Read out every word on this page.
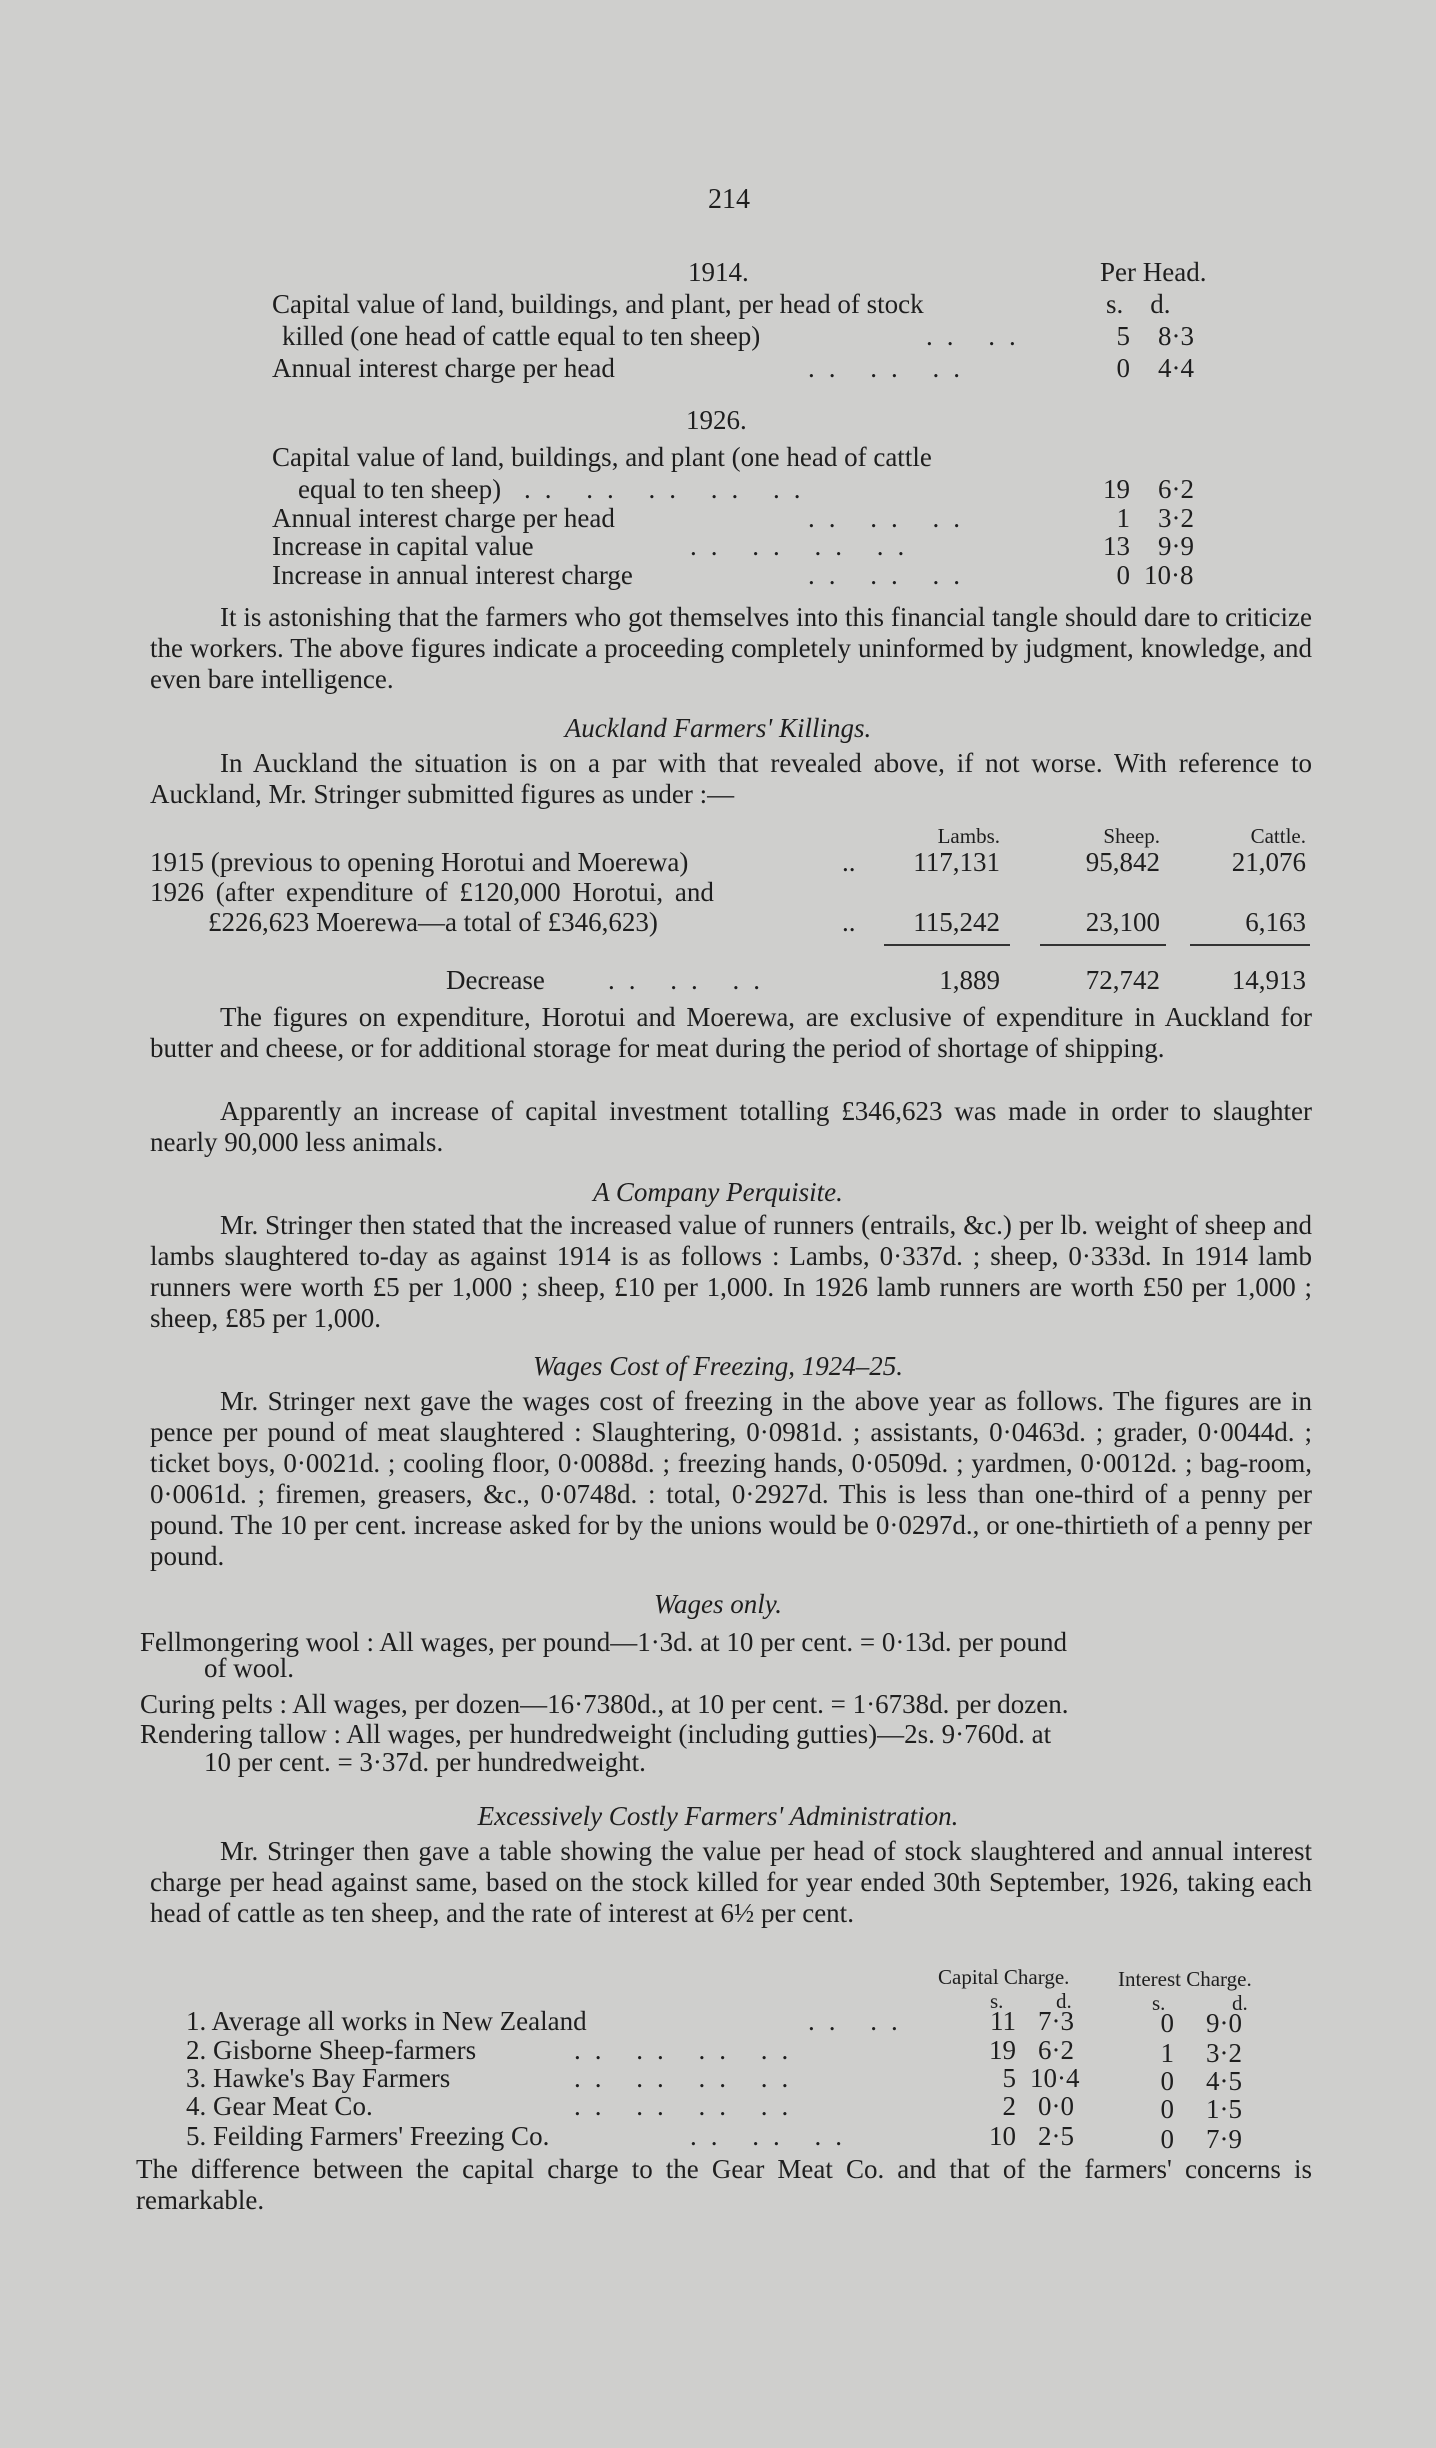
214
1914.	Per Head.
Capital value of land, buildings, and plant, per head of stock	s.    d.
killed (one head of cattle equal to ten sheep)	.. ..	5 8·3
Annual interest charge per head	.. .. ..	0 4·4
1926.
Capital value of land, buildings, and plant (one head of cattle
equal to ten sheep) .. .. .. .. ..	19 6·2
Annual interest charge per head	.. .. ..	1 3·2
Increase in capital value	.. .. .. ..	13 9·9
Increase in annual interest charge	.. .. ..	0 10·8
It is astonishing that the farmers who got themselves into this financial tangle should dare to criticize the workers. The above figures indicate a proceeding completely uninformed by judgment, knowledge, and even bare intelligence.
Auckland Farmers' Killings.
In Auckland the situation is on a par with that revealed above, if not worse. With reference to Auckland, Mr. Stringer submitted figures as under :—
Lambs.	Sheep.	Cattle.
1915 (previous to opening Horotui and Moerewa)	..	117,131	95,842	21,076
1926 (after expenditure of £120,000 Horotui, and
£226,623 Moerewa—a total of £346,623)	..	115,242	23,100	6,163
Decrease .. .. ..	1,889	72,742	14,913
The figures on expenditure, Horotui and Moerewa, are exclusive of expenditure in Auckland for butter and cheese, or for additional storage for meat during the period of shortage of shipping.
Apparently an increase of capital investment totalling £346,623 was made in order to slaughter nearly 90,000 less animals.
A Company Perquisite.
Mr. Stringer then stated that the increased value of runners (entrails, &c.) per lb. weight of sheep and lambs slaughtered to-day as against 1914 is as follows : Lambs, 0·337d. ; sheep, 0·333d. In 1914 lamb runners were worth £5 per 1,000 ; sheep, £10 per 1,000. In 1926 lamb runners are worth £50 per 1,000 ; sheep, £85 per 1,000.
Wages Cost of Freezing, 1924–25.
Mr. Stringer next gave the wages cost of freezing in the above year as follows. The figures are in pence per pound of meat slaughtered : Slaughtering, 0·0981d. ; assistants, 0·0463d. ; grader, 0·0044d. ; ticket boys, 0·0021d. ; cooling floor, 0·0088d. ; freezing hands, 0·0509d. ; yardmen, 0·0012d. ; bag-room, 0·0061d. ; firemen, greasers, &c., 0·0748d. : total, 0·2927d. This is less than one-third of a penny per pound. The 10 per cent. increase asked for by the unions would be 0·0297d., or one-thirtieth of a penny per pound.
Wages only.
Fellmongering wool : All wages, per pound—1·3d. at 10 per cent. = 0·13d. per pound
of wool.
Curing pelts : All wages, per dozen—16·7380d., at 10 per cent. = 1·6738d. per dozen.
Rendering tallow : All wages, per hundredweight (including gutties)—2s. 9·760d. at
10 per cent. = 3·37d. per hundredweight.
Excessively Costly Farmers' Administration.
Mr. Stringer then gave a table showing the value per head of stock slaughtered and annual interest charge per head against same, based on the stock killed for year ended 30th September, 1926, taking each head of cattle as ten sheep, and the rate of interest at 6½ per cent.
Capital Charge. Interest Charge.
s.	d.	s.	d.
1. Average all works in New Zealand	.. ..	11 7·3	0 9·0
2. Gisborne Sheep-farmers	.. .. .. ..	19 6·2	1 3·2
3. Hawke's Bay Farmers	.. .. .. ..	5 10·4	0 4·5
4. Gear Meat Co.	.. .. .. ..	2 0·0	0 1·5
5. Feilding Farmers' Freezing Co.	.. .. ..	10 2·5	0 7·9
The difference between the capital charge to the Gear Meat Co. and that of the farmers' concerns is remarkable.
